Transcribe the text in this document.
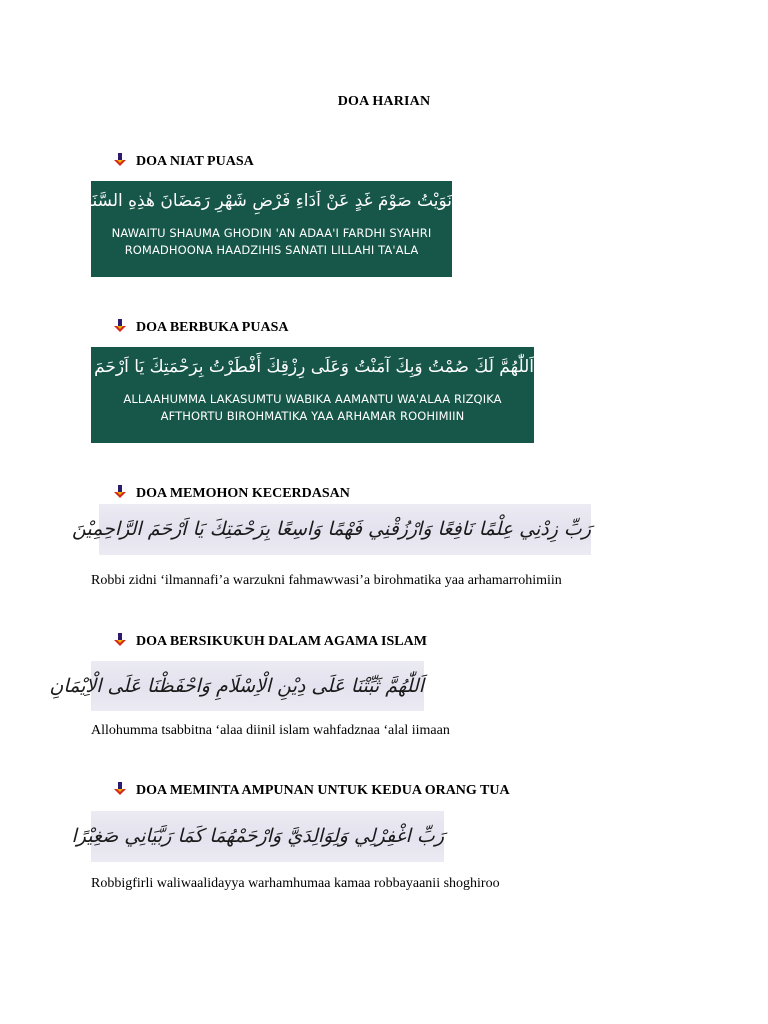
DOA HARIAN
DOA NIAT PUASA
نَوَيْتُ صَوْمَ غَدٍ عَنْ اَدَاءِ فَرْضِ شَهْرِ رَمَضَانَ هٰذِهِ السَّنَةِ لِلّٰهِ تَعَالَى
NAWAITU SHAUMA GHODIN 'AN ADAA'I FARDHI SYAHRI
ROMADHOONA HAADZIHIS SANATI LILLAHI TA'ALA
DOA BERBUKA PUASA
اَللّٰهُمَّ لَكَ صُمْتُ وَبِكَ آمَنْتُ وَعَلَى رِزْقِكَ أَفْطَرْتُ بِرَحْمَتِكَ يَا اَرْحَمَ الرَّاحِمِيْنَ
ALLAAHUMMA LAKASUMTU WABIKA AAMANTU WA'ALAA RIZQIKA
AFTHORTU BIROHMATIKA YAA ARHAMAR ROOHIMIIN
DOA MEMOHON KECERDASAN
رَبِّ زِدْنِي عِلْمًا نَافِعًا وَارْزُقْنِي فَهْمًا وَاسِعًا بِرَحْمَتِكَ يَا اَرْحَمَ الرَّاحِمِيْنَ
Robbi zidni ‘ilmannafi’a warzukni fahmawwasi’a birohmatika yaa arhamarrohimiin
DOA BERSIKUKUH DALAM AGAMA ISLAM
اَللّٰهُمَّ ثَبِّتْنَا عَلَى دِيْنِ الْاِسْلَامِ وَاحْفَظْنَا عَلَى الْاِيْمَانِ
Allohumma tsabbitna ‘alaa diinil islam wahfadznaa ‘alal iimaan
DOA MEMINTA AMPUNAN UNTUK KEDUA ORANG TUA
رَبِّ اغْفِرْلِي وَلِوَالِدَيَّ وَارْحَمْهُمَا كَمَا رَبَّيَانِي صَغِيْرًا
Robbigfirli waliwaalidayya warhamhumaa kamaa robbayaanii shoghiroo
